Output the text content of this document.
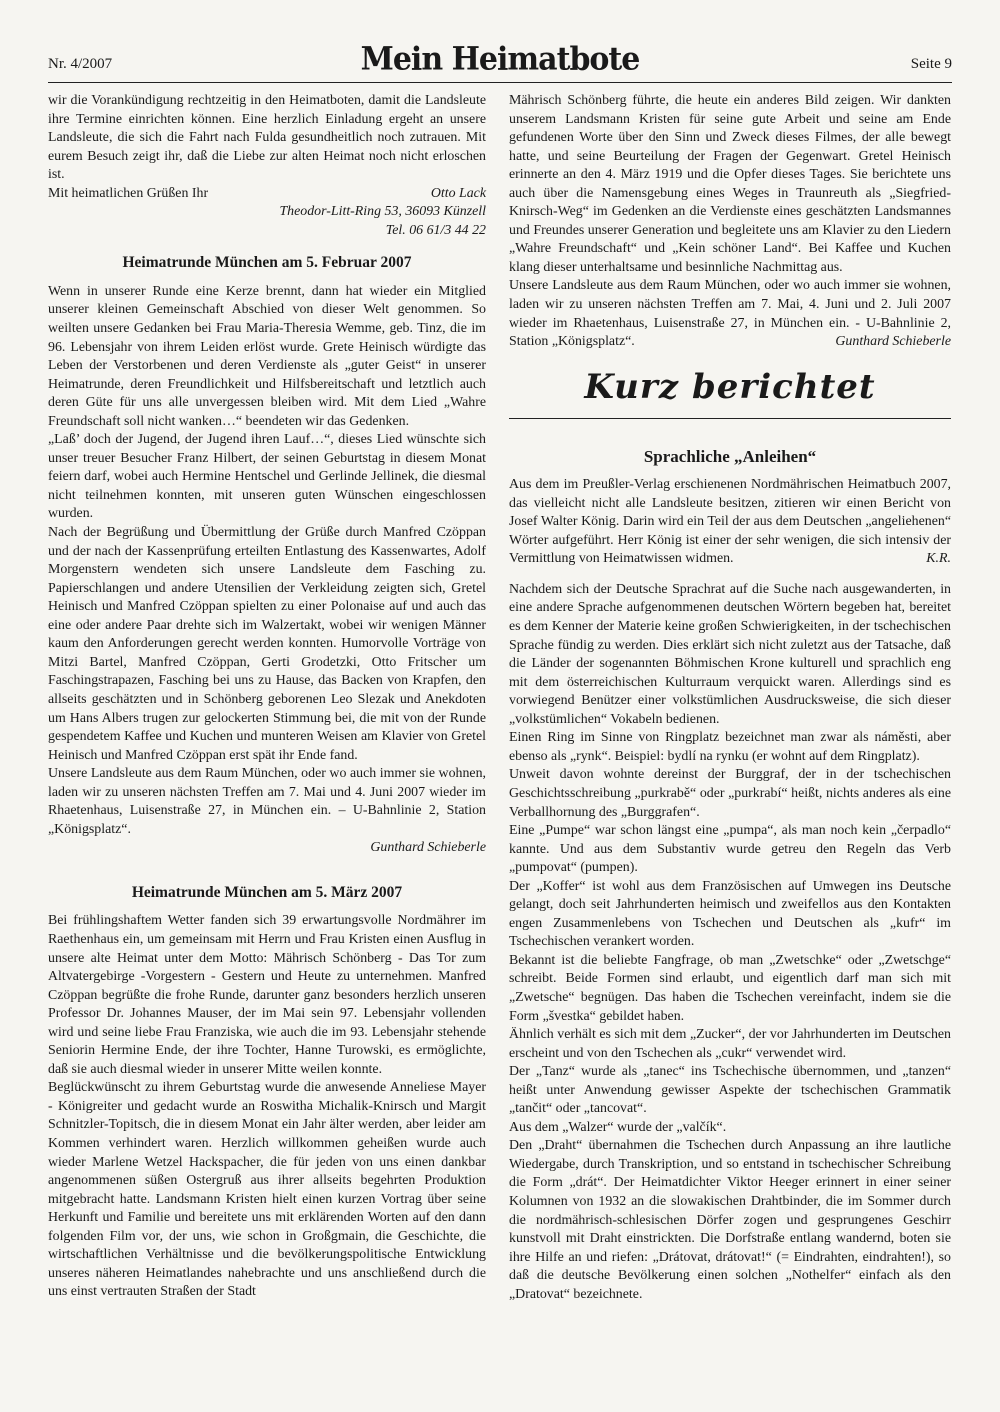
Nr. 4/2007	Mein Heimatbote	Seite 9

wir die Vorankündigung rechtzeitig in den Heimatboten, damit die Landsleute ihre Termine einrichten können. Eine herzlich Einladung ergeht an unsere Landsleute, die sich die Fahrt nach Fulda gesundheitlich noch zutrauen. Mit eurem Besuch zeigt ihr, daß die Liebe zur alten Heimat noch nicht erloschen ist.

Mit heimatlichen Grüßen Ihr	Otto Lack

Theodor-Litt-Ring 53, 36093 Künzell

Tel. 06 61/3 44 22

Heimatrunde München am 5. Februar 2007

Wenn in unserer Runde eine Kerze brennt, dann hat wieder ein Mitglied unserer kleinen Gemeinschaft Abschied von dieser Welt genommen. So weilten unsere Gedanken bei Frau Maria-Theresia Wemme, geb. Tinz, die im 96. Lebensjahr von ihrem Leiden erlöst wurde. Grete Heinisch würdigte das Leben der Verstorbenen und deren Verdienste als „guter Geist“ in unserer Heimatrunde, deren Freundlichkeit und Hilfsbereitschaft und letztlich auch deren Güte für uns alle unvergessen bleiben wird. Mit dem Lied „Wahre Freundschaft soll nicht wanken…“ beendeten wir das Gedenken.

„Laß’ doch der Jugend, der Jugend ihren Lauf…“, dieses Lied wünschte sich unser treuer Besucher Franz Hilbert, der seinen Geburtstag in diesem Monat feiern darf, wobei auch Hermine Hentschel und Gerlinde Jellinek, die diesmal nicht teilnehmen konnten, mit unseren guten Wünschen eingeschlossen wurden.

Nach der Begrüßung und Übermittlung der Grüße durch Manfred Czöppan und der nach der Kassenprüfung erteilten Entlastung des Kassenwartes, Adolf Morgenstern wendeten sich unsere Landsleute dem Fasching zu. Papierschlangen und andere Utensilien der Verkleidung zeigten sich, Gretel Heinisch und Manfred Czöppan spielten zu einer Polonaise auf und auch das eine oder andere Paar drehte sich im Walzertakt, wobei wir wenigen Männer kaum den Anforderungen gerecht werden konnten. Humorvolle Vorträge von Mitzi Bartel, Manfred Czöppan, Gerti Grodetzki, Otto Fritscher um Faschingstrapazen, Fasching bei uns zu Hause, das Backen von Krapfen, den allseits geschätzten und in Schönberg geborenen Leo Slezak und Anekdoten um Hans Albers trugen zur gelockerten Stimmung bei, die mit von der Runde gespendetem Kaffee und Kuchen und munteren Weisen am Klavier von Gretel Heinisch und Manfred Czöppan erst spät ihr Ende fand.

Unsere Landsleute aus dem Raum München, oder wo auch immer sie wohnen, laden wir zu unseren nächsten Treffen am 7. Mai und 4. Juni 2007 wieder im Rhaetenhaus, Luisenstraße 27, in München ein. – U-Bahnlinie 2, Station „Königsplatz“.

Gunthard Schieberle

Heimatrunde München am 5. März 2007

Bei frühlingshaftem Wetter fanden sich 39 erwartungsvolle Nordmährer im Raethenhaus ein, um gemeinsam mit Herrn und Frau Kristen einen Ausflug in unsere alte Heimat unter dem Motto: Mährisch Schönberg - Das Tor zum Altvatergebirge -Vorgestern - Gestern und Heute zu unternehmen. Manfred Czöppan begrüßte die frohe Runde, darunter ganz besonders herzlich unseren Professor Dr. Johannes Mauser, der im Mai sein 97. Lebensjahr vollenden wird und seine liebe Frau Franziska, wie auch die im 93. Lebensjahr stehende Seniorin Hermine Ende, der ihre Tochter, Hanne Turowski, es ermöglichte, daß sie auch diesmal wieder in unserer Mitte weilen konnte.

Beglückwünscht zu ihrem Geburtstag wurde die anwesende Anneliese Mayer - Königreiter und gedacht wurde an Roswitha Michalik-Knirsch und Margit Schnitzler-Topitsch, die in diesem Monat ein Jahr älter werden, aber leider am Kommen verhindert waren. Herzlich willkommen geheißen wurde auch wieder Marlene Wetzel Hackspacher, die für jeden von uns einen dankbar angenommenen süßen Ostergruß aus ihrer allseits begehrten Produktion mitgebracht hatte. Landsmann Kristen hielt einen kurzen Vortrag über seine Herkunft und Familie und bereitete uns mit erklärenden Worten auf den dann folgenden Film vor, der uns, wie schon in Großgmain, die Geschichte, die wirtschaftlichen Verhältnisse und die bevölkerungspolitische Entwicklung unseres näheren Heimatlandes nahebrachte und uns anschließend durch die uns einst vertrauten Straßen der Stadt

Mährisch Schönberg führte, die heute ein anderes Bild zeigen. Wir dankten unserem Landsmann Kristen für seine gute Arbeit und seine am Ende gefundenen Worte über den Sinn und Zweck dieses Filmes, der alle bewegt hatte, und seine Beurteilung der Fragen der Gegenwart. Gretel Heinisch erinnerte an den 4. März 1919 und die Opfer dieses Tages. Sie berichtete uns auch über die Namensgebung eines Weges in Traunreuth als „Siegfried-Knirsch-Weg“ im Gedenken an die Verdienste eines geschätzten Landsmannes und Freundes unserer Generation und begleitete uns am Klavier zu den Liedern „Wahre Freundschaft“ und „Kein schöner Land“. Bei Kaffee und Kuchen klang dieser unterhaltsame und besinnliche Nachmittag aus.

Unsere Landsleute aus dem Raum München, oder wo auch immer sie wohnen, laden wir zu unseren nächsten Treffen am 7. Mai, 4. Juni und 2. Juli 2007 wieder im Rhaetenhaus, Luisenstraße 27, in München ein. - U-Bahnlinie 2, Station „Königsplatz“.	Gunthard Schieberle

Kurz berichtet
Sprachliche „Anleihen“

Aus dem im Preußler-Verlag erschienenen Nordmährischen Heimatbuch 2007, das vielleicht nicht alle Landsleute besitzen, zitieren wir einen Bericht von Josef Walter König. Darin wird ein Teil der aus dem Deutschen „angeliehenen“ Wörter aufgeführt. Herr König ist einer der sehr wenigen, die sich intensiv der Vermittlung von Heimatwissen widmen.	K.R.

Nachdem sich der Deutsche Sprachrat auf die Suche nach ausgewanderten, in eine andere Sprache aufgenommenen deutschen Wörtern begeben hat, bereitet es dem Kenner der Materie keine großen Schwierigkeiten, in der tschechischen Sprache fündig zu werden. Dies erklärt sich nicht zuletzt aus der Tatsache, daß die Länder der sogenannten Böhmischen Krone kulturell und sprachlich eng mit dem österreichischen Kulturraum verquickt waren. Allerdings sind es vorwiegend Benützer einer volkstümlichen Ausdrucksweise, die sich dieser „volkstümlichen“ Vokabeln bedienen.

Einen Ring im Sinne von Ringplatz bezeichnet man zwar als náměsti, aber ebenso als „rynk“. Beispiel: bydlí na rynku (er wohnt auf dem Ringplatz).

Unweit davon wohnte dereinst der Burggraf, der in der tschechischen Geschichtsschreibung „purkrabě“ oder „purkrabí“ heißt, nichts anderes als eine Verballhornung des „Burggrafen“.

Eine „Pumpe“ war schon längst eine „pumpa“, als man noch kein „čerpadlo“ kannte. Und aus dem Substantiv wurde getreu den Regeln das Verb „pumpovat“ (pumpen).

Der „Koffer“ ist wohl aus dem Französischen auf Umwegen ins Deutsche gelangt, doch seit Jahrhunderten heimisch und zweifellos aus den Kontakten engen Zusammenlebens von Tschechen und Deutschen als „kufr“ im Tschechischen verankert worden.

Bekannt ist die beliebte Fangfrage, ob man „Zwetschke“ oder „Zwetschge“ schreibt. Beide Formen sind erlaubt, und eigentlich darf man sich mit „Zwetsche“ begnügen. Das haben die Tschechen vereinfacht, indem sie die Form „švestka“ gebildet haben.

Ähnlich verhält es sich mit dem „Zucker“, der vor Jahrhunderten im Deutschen erscheint und von den Tschechen als „cukr“ verwendet wird.

Der „Tanz“ wurde als „tanec“ ins Tschechische übernommen, und „tanzen“ heißt unter Anwendung gewisser Aspekte der tschechischen Grammatik „tančit“ oder „tancovat“.

Aus dem „Walzer“ wurde der „valčík“.

Den „Draht“ übernahmen die Tschechen durch Anpassung an ihre lautliche Wiedergabe, durch Transkription, und so entstand in tschechischer Schreibung die Form „drát“. Der Heimatdichter Viktor Heeger erinnert in einer seiner Kolumnen von 1932 an die slowakischen Drahtbinder, die im Sommer durch die nordmährisch-schlesischen Dörfer zogen und gesprungenes Geschirr kunstvoll mit Draht einstrickten. Die Dorfstraße entlang wandernd, boten sie ihre Hilfe an und riefen: „Drátovat, drátovat!“ (= Eindrahten, eindrahten!), so daß die deutsche Bevölkerung einen solchen „Nothelfer“ einfach als den „Dratovat“ bezeichnete.
